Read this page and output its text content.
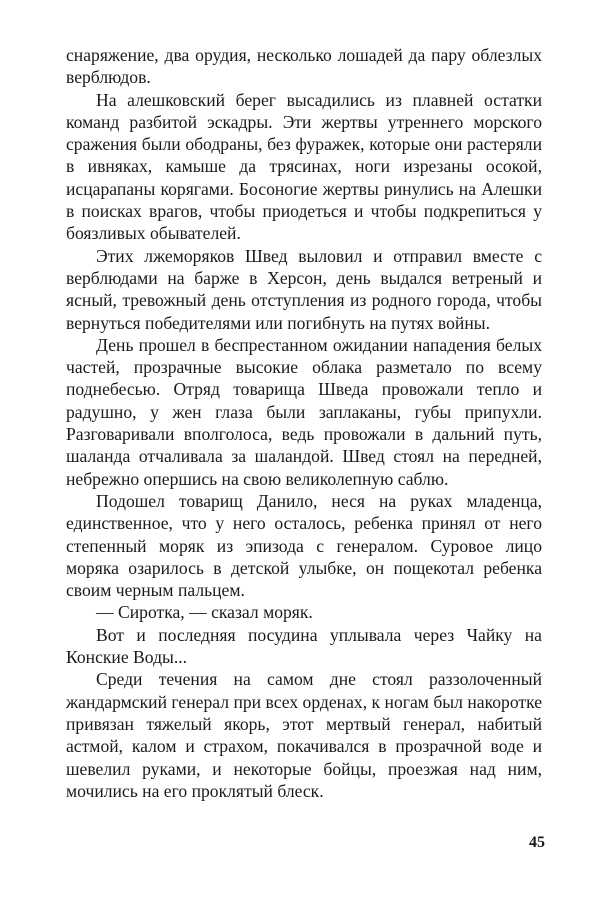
снаряжение, два орудия, несколько лошадей да пару облезлых верблюдов.

На алешковский берег высадились из плавней остатки команд разбитой эскадры. Эти жертвы утреннего морского сражения были ободраны, без фуражек, которые они растеряли в ивняках, камыше да трясинах, ноги изрезаны осокой, исцарапаны корягами. Босоногие жертвы ринулись на Алешки в поисках врагов, чтобы приодеться и чтобы подкрепиться у боязливых обывателей.

Этих лжеморяков Швед выловил и отправил вместе с верблюдами на барже в Херсон, день выдался ветреный и ясный, тревожный день отступления из родного города, чтобы вернуться победителями или погибнуть на путях войны.

День прошел в беспрестанном ожидании нападения белых частей, прозрачные высокие облака разметало по всему поднебесью. Отряд товарища Шведа провожали тепло и радушно, у жен глаза были заплаканы, губы припухли. Разговаривали вполголоса, ведь провожали в дальний путь, шаланда отчаливала за шаландой. Швед стоял на передней, небрежно опершись на свою великолепную саблю.

Подошел товарищ Данило, неся на руках младенца, единственное, что у него осталось, ребенка принял от него степенный моряк из эпизода с генералом. Суровое лицо моряка озарилось в детской улыбке, он пощекотал ребенка своим черным пальцем.

— Сиротка, — сказал моряк.

Вот и последняя посудина уплывала через Чайку на Конские Воды...

Среди течения на самом дне стоял раззолоченный жандармский генерал при всех орденах, к ногам был накоротке привязан тяжелый якорь, этот мертвый генерал, набитый астмой, калом и страхом, покачивался в прозрачной воде и шевелил руками, и некоторые бойцы, проезжая над ним, мочились на его проклятый блеск.

45
